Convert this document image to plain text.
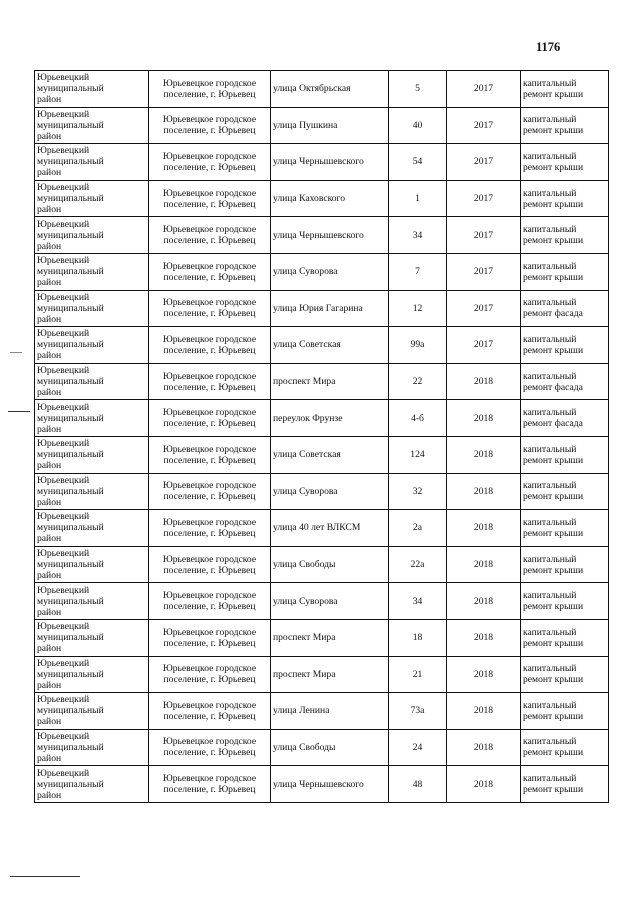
1176
Юрьевецкий
муниципальный
район	Юрьевецкое городское
поселение, г. Юрьевец	улица Октябрьская	5	2017	капитальный
ремонт крыши
Юрьевецкий
муниципальный
район	Юрьевецкое городское
поселение, г. Юрьевец	улица Пушкина	40	2017	капитальный
ремонт крыши
Юрьевецкий
муниципальный
район	Юрьевецкое городское
поселение, г. Юрьевец	улица Чернышевского	54	2017	капитальный
ремонт крыши
Юрьевецкий
муниципальный
район	Юрьевецкое городское
поселение, г. Юрьевец	улица Каховского	1	2017	капитальный
ремонт крыши
Юрьевецкий
муниципальный
район	Юрьевецкое городское
поселение, г. Юрьевец	улица Чернышевского	34	2017	капитальный
ремонт крыши
Юрьевецкий
муниципальный
район	Юрьевецкое городское
поселение, г. Юрьевец	улица Суворова	7	2017	капитальный
ремонт крыши
Юрьевецкий
муниципальный
район	Юрьевецкое городское
поселение, г. Юрьевец	улица Юрия Гагарина	12	2017	капитальный
ремонт фасада
Юрьевецкий
муниципальный
район	Юрьевецкое городское
поселение, г. Юрьевец	улица Советская	99а	2017	капитальный
ремонт крыши
Юрьевецкий
муниципальный
район	Юрьевецкое городское
поселение, г. Юрьевец	проспект Мира	22	2018	капитальный
ремонт фасада
Юрьевецкий
муниципальный
район	Юрьевецкое городское
поселение, г. Юрьевец	переулок Фрунзе	4-б	2018	капитальный
ремонт фасада
Юрьевецкий
муниципальный
район	Юрьевецкое городское
поселение, г. Юрьевец	улица Советская	124	2018	капитальный
ремонт крыши
Юрьевецкий
муниципальный
район	Юрьевецкое городское
поселение, г. Юрьевец	улица Суворова	32	2018	капитальный
ремонт крыши
Юрьевецкий
муниципальный
район	Юрьевецкое городское
поселение, г. Юрьевец	улица 40 лет ВЛКСМ	2а	2018	капитальный
ремонт крыши
Юрьевецкий
муниципальный
район	Юрьевецкое городское
поселение, г. Юрьевец	улица Свободы	22а	2018	капитальный
ремонт крыши
Юрьевецкий
муниципальный
район	Юрьевецкое городское
поселение, г. Юрьевец	улица Суворова	34	2018	капитальный
ремонт крыши
Юрьевецкий
муниципальный
район	Юрьевецкое городское
поселение, г. Юрьевец	проспект Мира	18	2018	капитальный
ремонт крыши
Юрьевецкий
муниципальный
район	Юрьевецкое городское
поселение, г. Юрьевец	проспект Мира	21	2018	капитальный
ремонт крыши
Юрьевецкий
муниципальный
район	Юрьевецкое городское
поселение, г. Юрьевец	улица Ленина	73а	2018	капитальный
ремонт крыши
Юрьевецкий
муниципальный
район	Юрьевецкое городское
поселение, г. Юрьевец	улица Свободы	24	2018	капитальный
ремонт крыши
Юрьевецкий
муниципальный
район	Юрьевецкое городское
поселение, г. Юрьевец	улица Чернышевского	48	2018	капитальный
ремонт крыши
